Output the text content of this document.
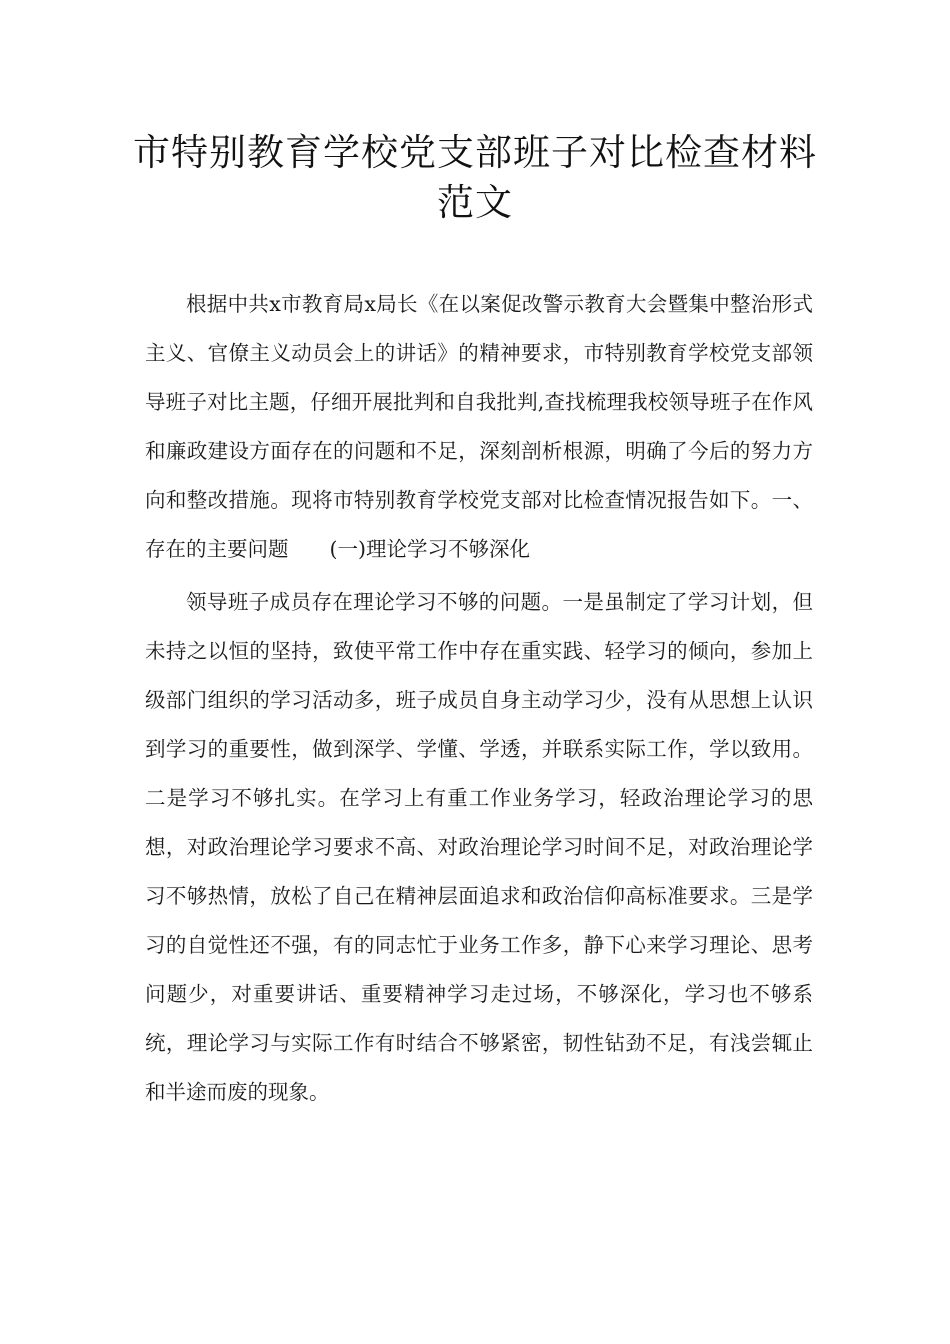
市特别教育学校党支部班子对比检查材料范文

根据中共x市教育局x局长《在以案促改警示教育大会暨集中整治形式主义、官僚主义动员会上的讲话》的精神要求，市特别教育学校党支部领导班子对比主题，仔细开展批判和自我批判,查找梳理我校领导班子在作风和廉政建设方面存在的问题和不足，深刻剖析根源，明确了今后的努力方向和整改措施。现将市特别教育学校党支部对比检查情况报告如下。一、存在的主要问题　　(一)理论学习不够深化

领导班子成员存在理论学习不够的问题。一是虽制定了学习计划，但未持之以恒的坚持，致使平常工作中存在重实践、轻学习的倾向，参加上级部门组织的学习活动多，班子成员自身主动学习少，没有从思想上认识到学习的重要性，做到深学、学懂、学透，并联系实际工作，学以致用。二是学习不够扎实。在学习上有重工作业务学习，轻政治理论学习的思想，对政治理论学习要求不高、对政治理论学习时间不足，对政治理论学习不够热情，放松了自己在精神层面追求和政治信仰高标准要求。三是学习的自觉性还不强，有的同志忙于业务工作多，静下心来学习理论、思考问题少，对重要讲话、重要精神学习走过场，不够深化，学习也不够系统，理论学习与实际工作有时结合不够紧密，韧性钻劲不足，有浅尝辄止和半途而废的现象。
